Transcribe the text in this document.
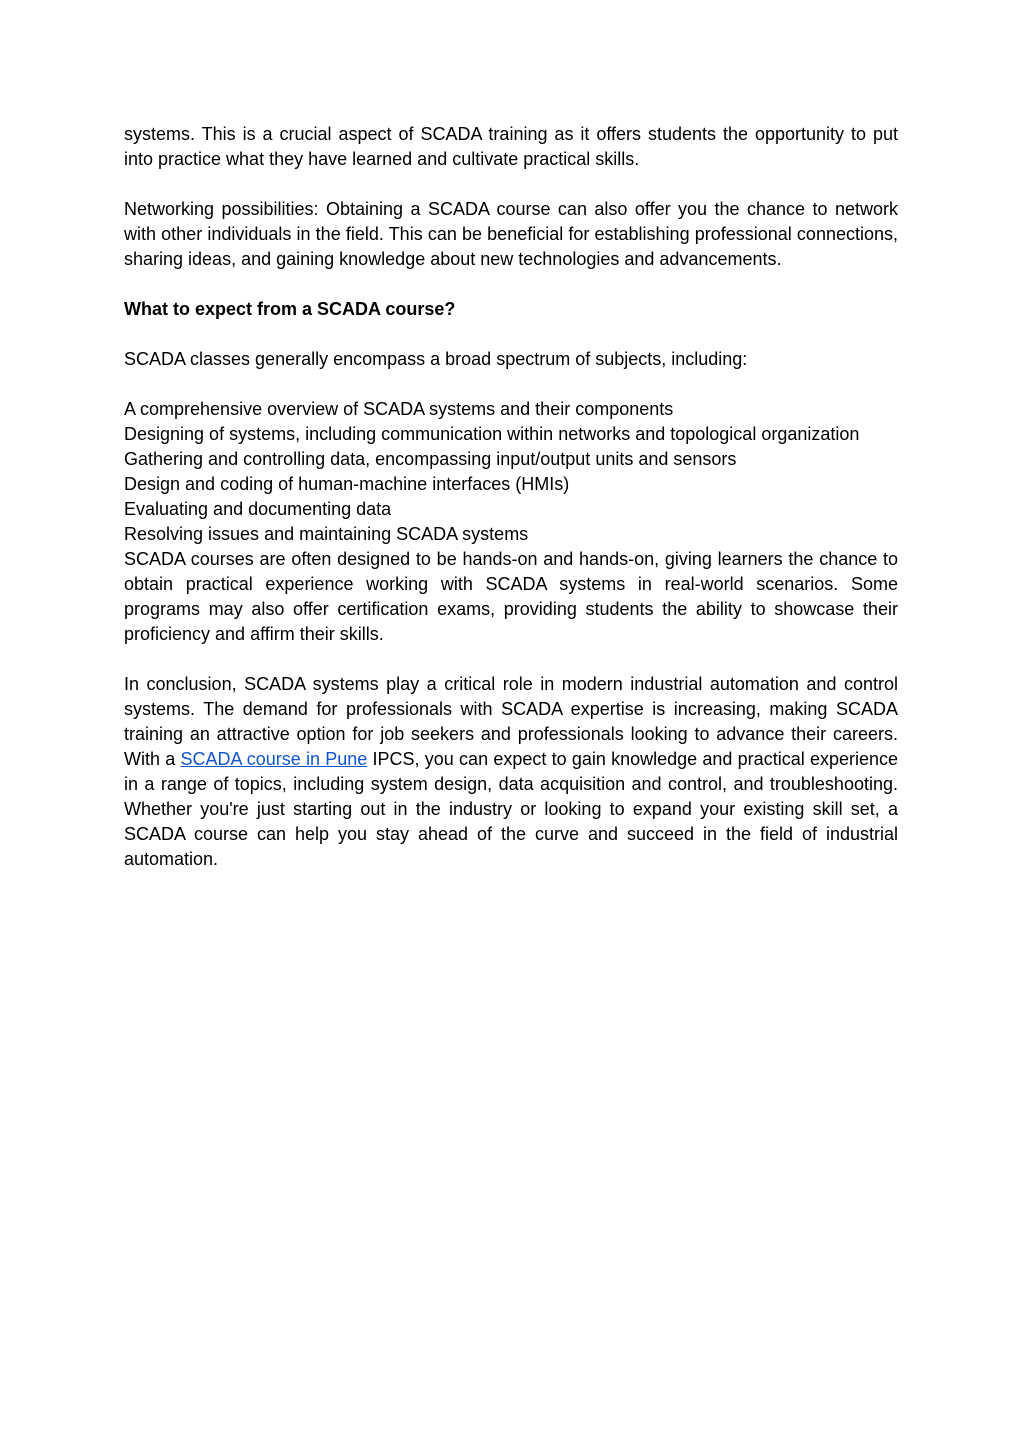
systems. This is a crucial aspect of SCADA training as it offers students the opportunity to put into practice what they have learned and cultivate practical skills.

Networking possibilities: Obtaining a SCADA course can also offer you the chance to network with other individuals in the field. This can be beneficial for establishing professional connections, sharing ideas, and gaining knowledge about new technologies and advancements.

What to expect from a SCADA course?

SCADA classes generally encompass a broad spectrum of subjects, including:

A comprehensive overview of SCADA systems and their components

Designing of systems, including communication within networks and topological organization

Gathering and controlling data, encompassing input/output units and sensors

Design and coding of human-machine interfaces (HMIs)

Evaluating and documenting data

Resolving issues and maintaining SCADA systems

SCADA courses are often designed to be hands-on and hands-on, giving learners the chance to obtain practical experience working with SCADA systems in real-world scenarios. Some programs may also offer certification exams, providing students the ability to showcase their proficiency and affirm their skills.

In conclusion, SCADA systems play a critical role in modern industrial automation and control systems. The demand for professionals with SCADA expertise is increasing, making SCADA training an attractive option for job seekers and professionals looking to advance their careers. With a SCADA course in Pune IPCS, you can expect to gain knowledge and practical experience in a range of topics, including system design, data acquisition and control, and troubleshooting. Whether you're just starting out in the industry or looking to expand your existing skill set, a SCADA course can help you stay ahead of the curve and succeed in the field of industrial automation.
